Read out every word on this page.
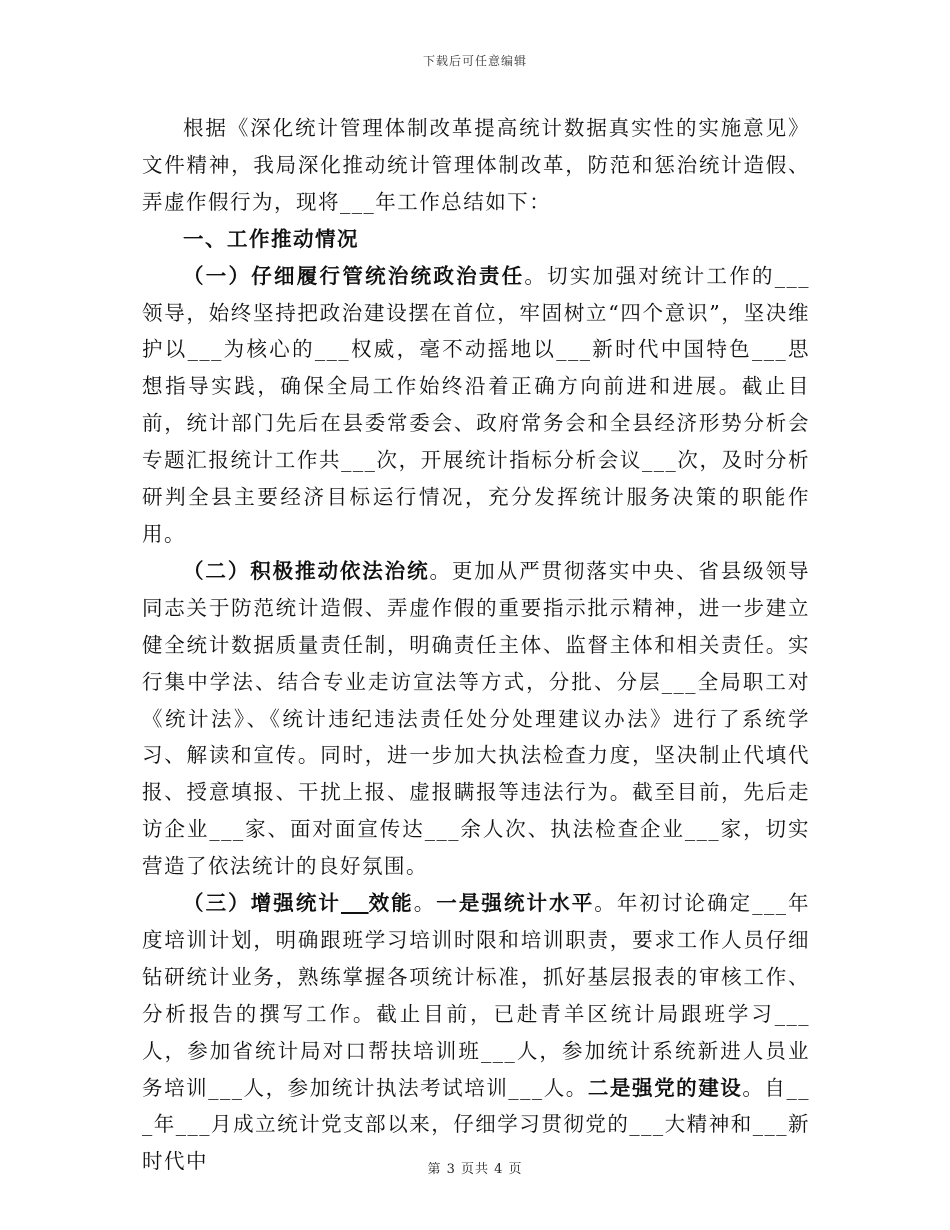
下载后可任意编辑

根据《深化统计管理体制改革提高统计数据真实性的实施意见》文件精神，我局深化推动统计管理体制改革，防范和惩治统计造假、弄虚作假行为，现将___年工作总结如下：

一、工作推动情况

（一）仔细履行管统治统政治责任。切实加强对统计工作的___领导，始终坚持把政治建设摆在首位，牢固树立“四个意识”，坚决维护以___为核心的___权威，毫不动摇地以___新时代中国特色___思想指导实践，确保全局工作始终沿着正确方向前进和进展。截止目前，统计部门先后在县委常委会、政府常务会和全县经济形势分析会专题汇报统计工作共___次，开展统计指标分析会议___次，及时分析研判全县主要经济目标运行情况，充分发挥统计服务决策的职能作用。

（二）积极推动依法治统。更加从严贯彻落实中央、省县级领导同志关于防范统计造假、弄虚作假的重要指示批示精神，进一步建立健全统计数据质量责任制，明确责任主体、监督主体和相关责任。实行集中学法、结合专业走访宣法等方式，分批、分层___全局职工对《统计法》、《统计违纪违法责任处分处理建议办法》进行了系统学习、解读和宣传。同时，进一步加大执法检查力度，坚决制止代填代报、授意填报、干扰上报、虚报瞒报等违法行为。截至目前，先后走访企业___家、面对面宣传达___余人次、执法检查企业___家，切实营造了依法统计的良好氛围。

（三）增强统计 效能。一是强统计水平。年初讨论确定___年度培训计划，明确跟班学习培训时限和培训职责，要求工作人员仔细钻研统计业务，熟练掌握各项统计标准，抓好基层报表的审核工作、分析报告的撰写工作。截止目前，已赴青羊区统计局跟班学习___人，参加省统计局对口帮扶培训班___人，参加统计系统新进人员业务培训___人，参加统计执法考试培训___人。二是强党的建设。自___年___月成立统计党支部以来，仔细学习贯彻党的___大精神和___新时代中	第 3 页共 4 页
